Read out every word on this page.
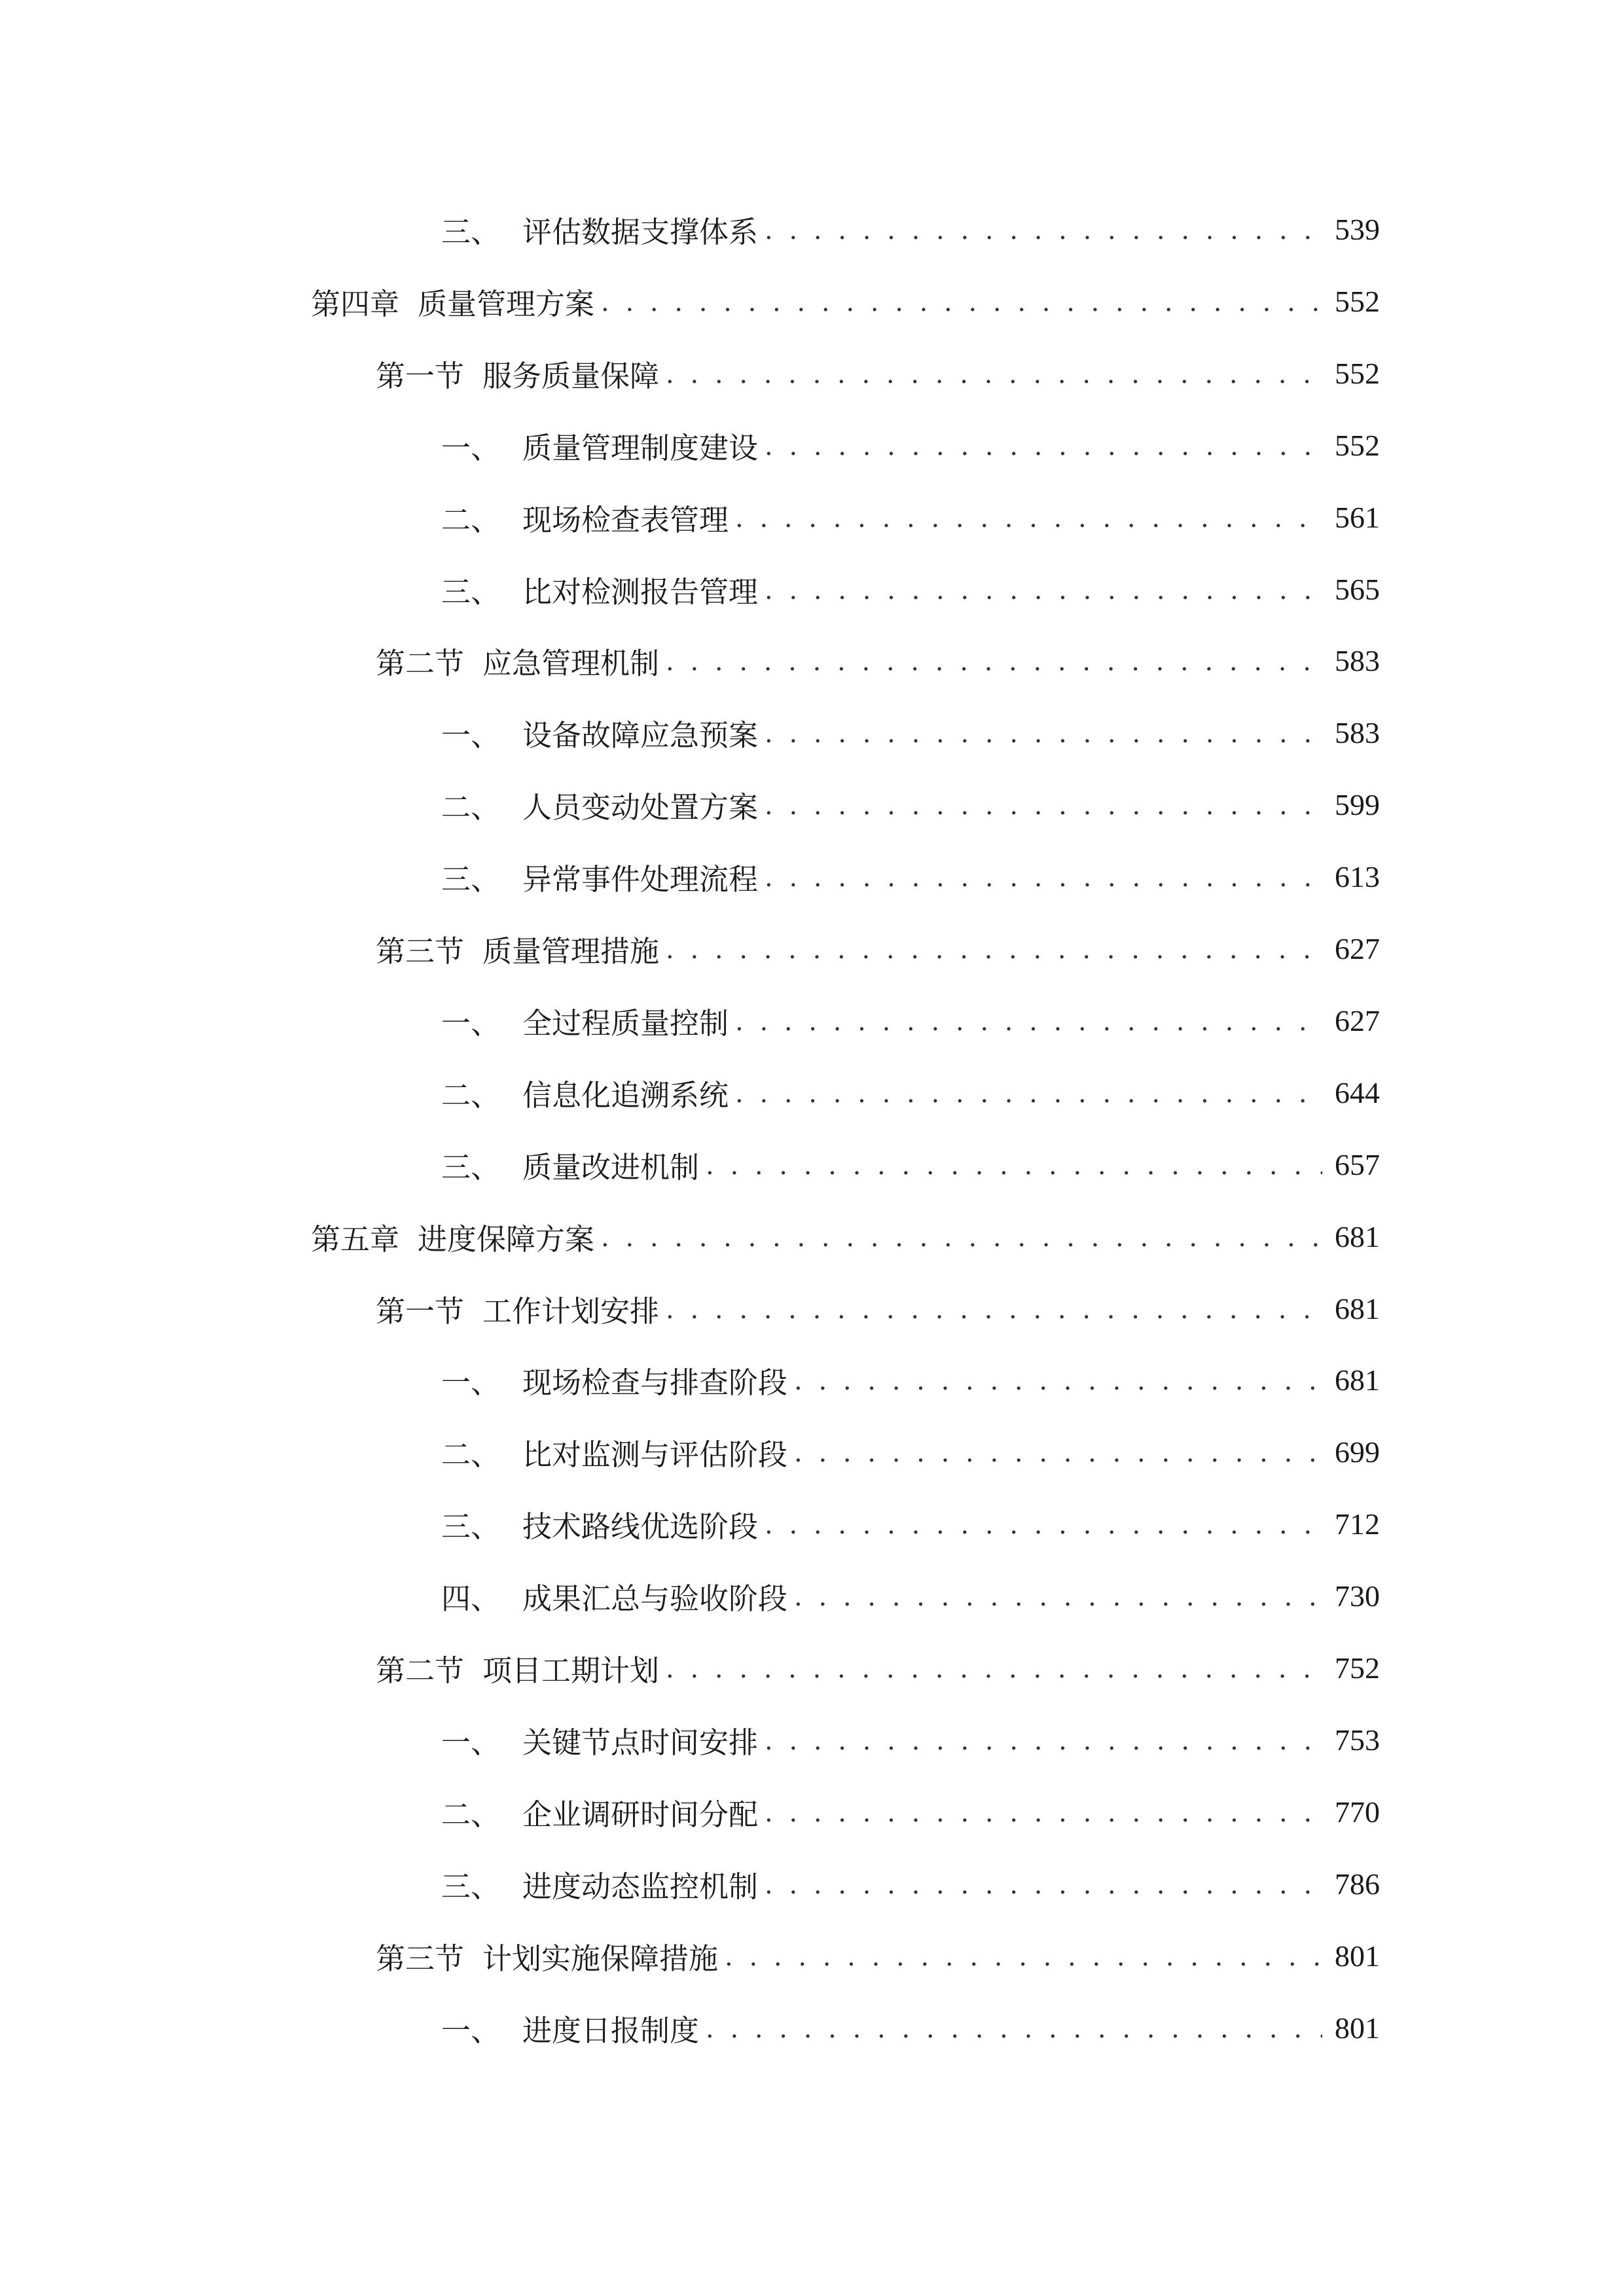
三、 评估数据支撑体系 . . .	539
第四章 质量管理方案 . . .	552
第一节 服务质量保障 . . .	552
一、 质量管理制度建设 . . .	552
二、 现场检查表管理 . . .	561
三、 比对检测报告管理 . . .	565
第二节 应急管理机制 . . .	583
一、 设备故障应急预案 . . .	583
二、 人员变动处置方案 . . .	599
三、 异常事件处理流程 . . .	613
第三节 质量管理措施 . . .	627
一、 全过程质量控制 . . .	627
二、 信息化追溯系统 . . .	644
三、 质量改进机制 . . .	657
第五章 进度保障方案 . . .	681
第一节 工作计划安排 . . .	681
一、 现场检查与排查阶段 . . .	681
二、 比对监测与评估阶段 . . .	699
三、 技术路线优选阶段 . . .	712
四、 成果汇总与验收阶段 . . .	730
第二节 项目工期计划 . . .	752
一、 关键节点时间安排 . . .	753
二、 企业调研时间分配 . . .	770
三、 进度动态监控机制 . . .	786
第三节 计划实施保障措施 . . .	801
一、 进度日报制度 . . .	801
